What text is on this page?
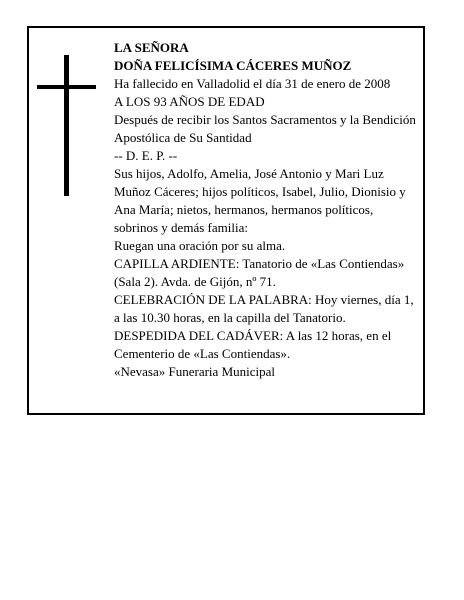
LA SEÑORA

DOÑA FELICÍSIMA CÁCERES MUÑOZ

Ha fallecido en Valladolid el día 31 de enero de 2008

A LOS 93 AÑOS DE EDAD

Después de recibir los Santos Sacramentos y la Bendición Apostólica de Su Santidad

-- D. E. P. --

Sus hijos, Adolfo, Amelia, José Antonio y Mari Luz Muñoz Cáceres; hijos políticos, Isabel, Julio, Dionisio y Ana María; nietos, hermanos, hermanos políticos, sobrinos y demás familia:

Ruegan una oración por su alma.

CAPILLA ARDIENTE: Tanatorio de «Las Contiendas» (Sala 2). Avda. de Gijón, nº 71.

CELEBRACIÓN DE LA PALABRA: Hoy viernes, día 1, a las 10.30 horas, en la capilla del Tanatorio.

DESPEDIDA DEL CADÁVER: A las 12 horas, en el Cementerio de «Las Contiendas».

«Nevasa» Funeraria Municipal
